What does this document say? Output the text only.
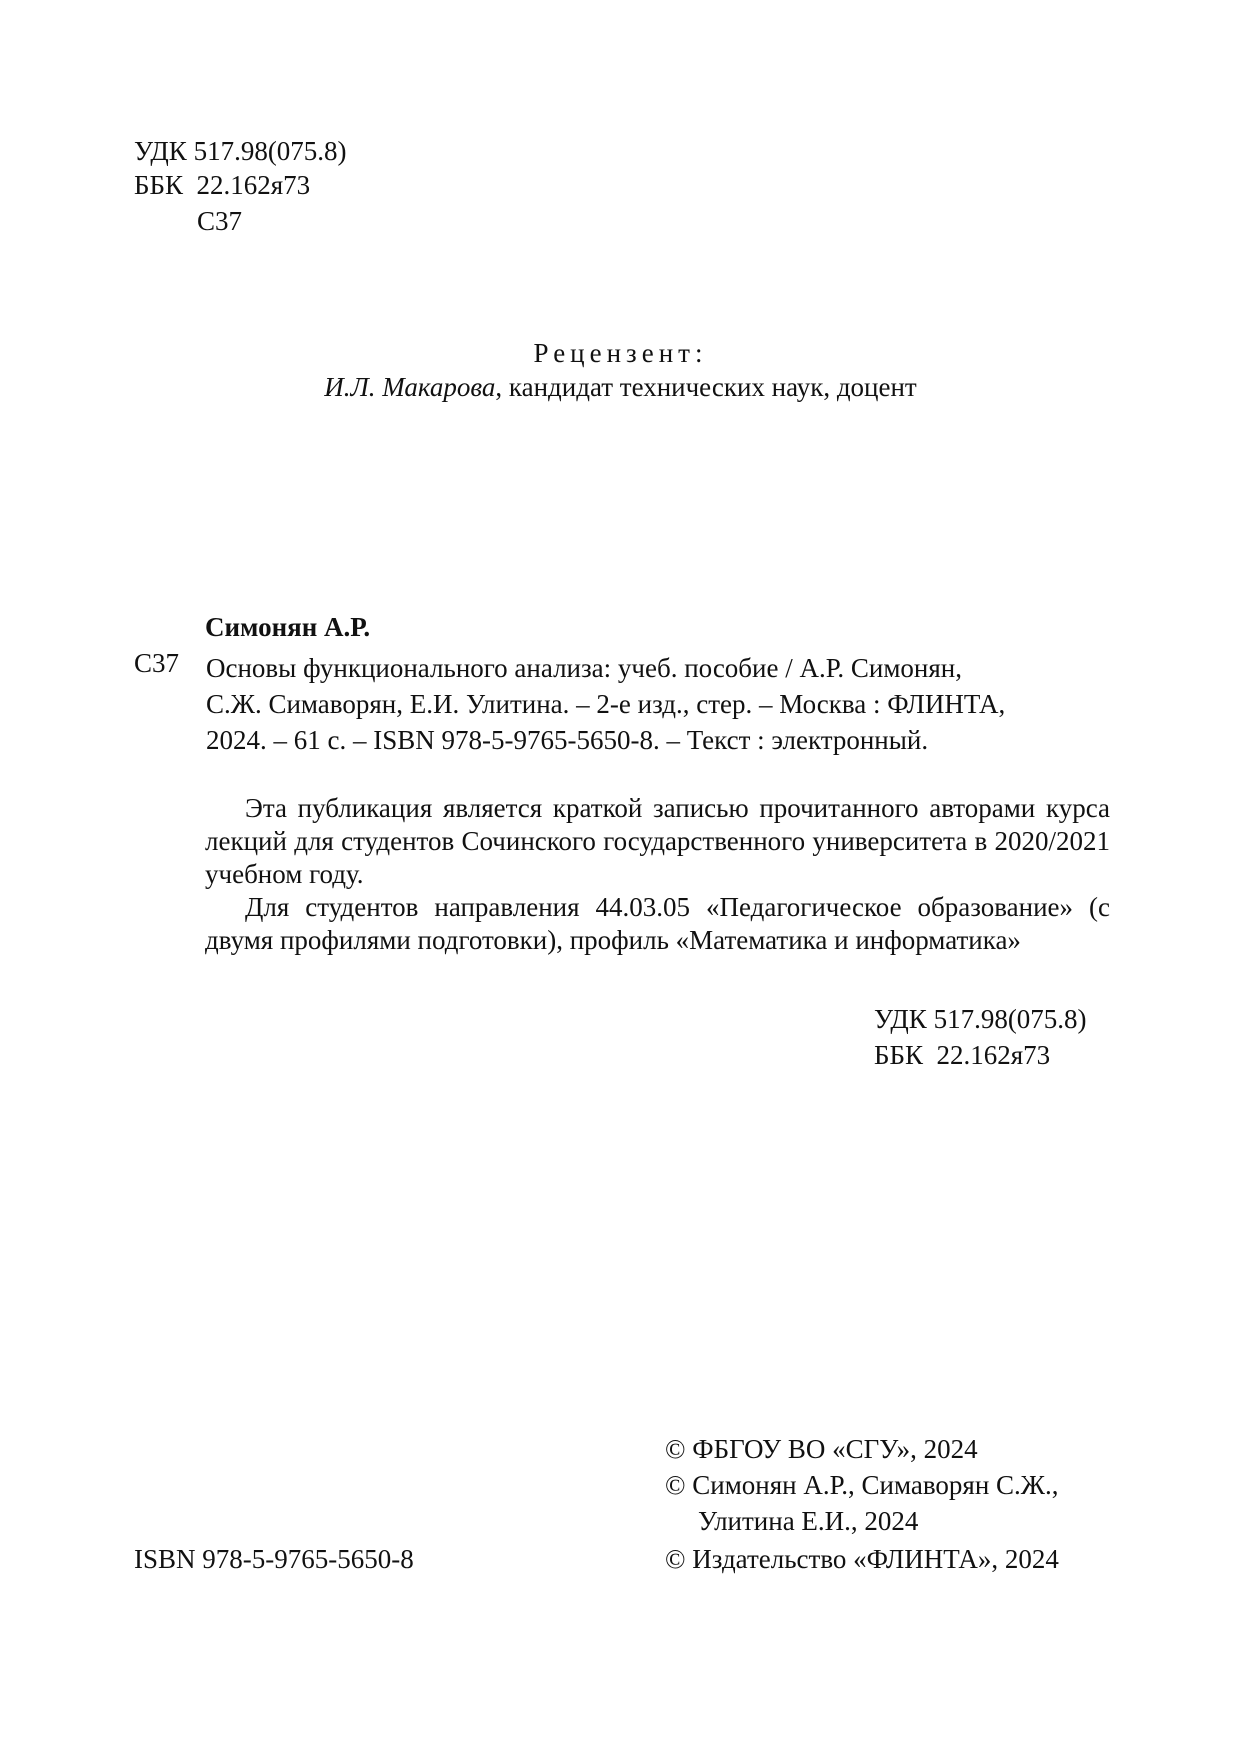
УДК 517.98(075.8)
ББК  22.162я73
С37
Рецензент:
И.Л. Макарова, кандидат технических наук, доцент
Симонян А.Р.
С37 Основы функционального анализа: учеб. пособие / А.Р. Симонян,
С.Ж. Симаворян, Е.И. Улитина. – 2-е изд., стер. – Москва : ФЛИНТА,
2024. – 61 с. – ISBN 978-5-9765-5650-8. – Текст : электронный.

Эта публикация является краткой записью прочитанного авторами курса лекций для студентов Сочинского государственного университета в 2020/2021 учебном году.

Для студентов направления 44.03.05 «Педагогическое образование» (с двумя профилями подготовки), профиль «Математика и информатика»

УДК 517.98(075.8)
ББК  22.162я73
© ФБГОУ ВО «СГУ», 2024
© Симонян А.Р., Симаворян С.Ж.,
Улитина Е.И., 2024
ISBN 978-5-9765-5650-8	© Издательство «ФЛИНТА», 2024
